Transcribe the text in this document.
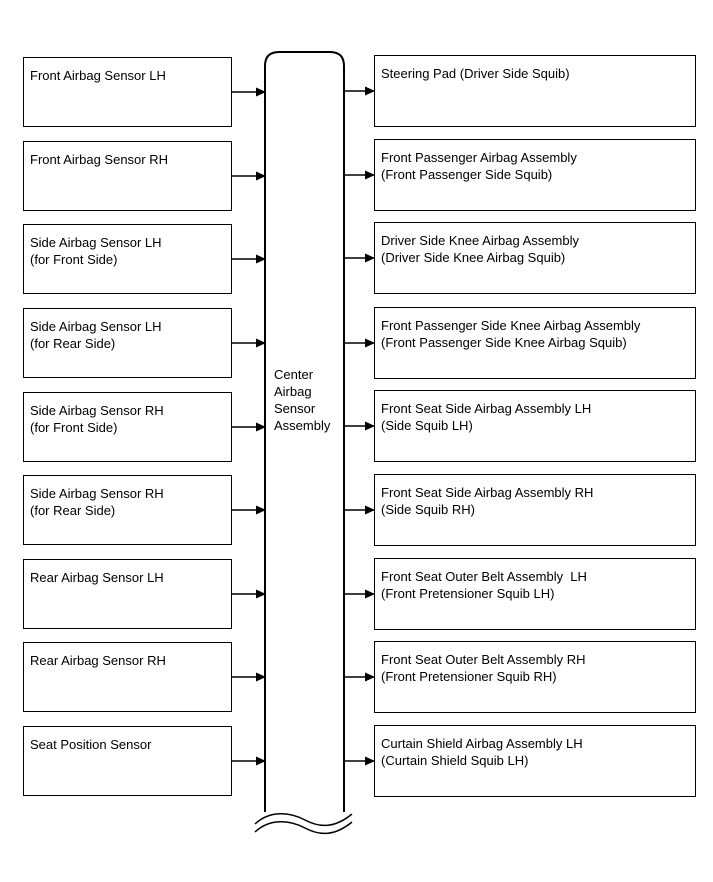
Front Airbag Sensor LH
Front Airbag Sensor RH
Side Airbag Sensor LH
(for Front Side)
Side Airbag Sensor LH
(for Rear Side)
Side Airbag Sensor RH
(for Front Side)
Side Airbag Sensor RH
(for Rear Side)
Rear Airbag Sensor LH
Rear Airbag Sensor RH
Seat Position Sensor
Steering Pad (Driver Side Squib)
Front Passenger Airbag Assembly
(Front Passenger Side Squib)
Driver Side Knee Airbag Assembly
(Driver Side Knee Airbag Squib)
Front Passenger Side Knee Airbag Assembly
(Front Passenger Side Knee Airbag Squib)
Front Seat Side Airbag Assembly LH
(Side Squib LH)
Front Seat Side Airbag Assembly RH
(Side Squib RH)
Front Seat Outer Belt Assembly  LH
(Front Pretensioner Squib LH)
Front Seat Outer Belt Assembly RH
(Front Pretensioner Squib RH)
Curtain Shield Airbag Assembly LH
(Curtain Shield Squib LH)
Center
Airbag
Sensor
Assembly
